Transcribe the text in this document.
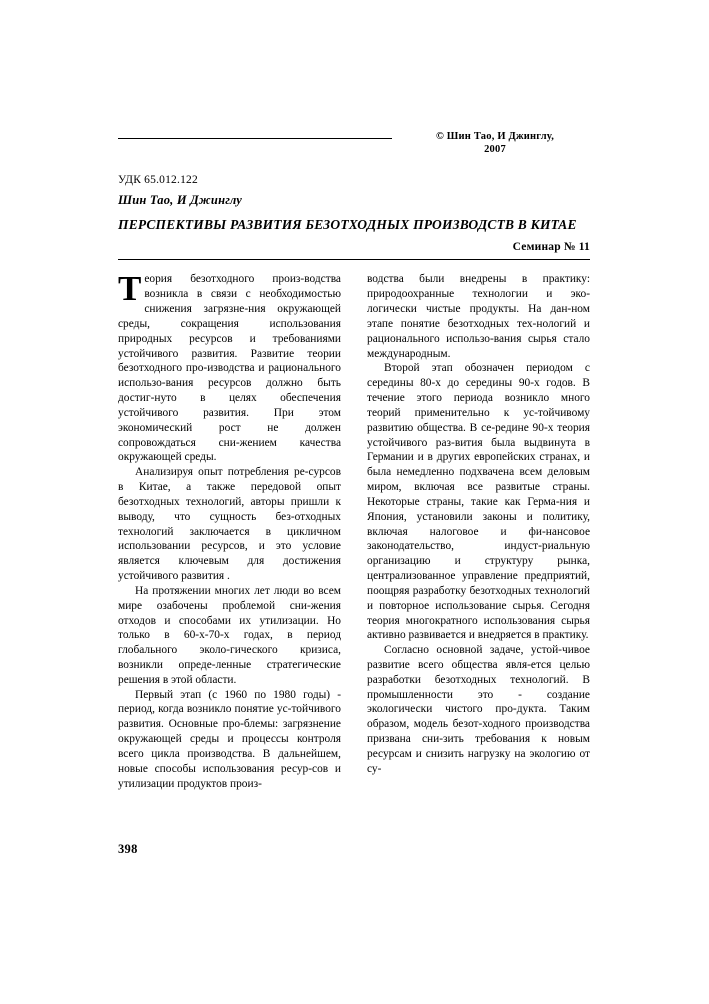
© Шин Тао, И Джинглу,
2007
УДК 65.012.122
Шин Тао, И Джинглу
ПЕРСПЕКТИВЫ РАЗВИТИЯ БЕЗОТХОДНЫХ ПРОИЗВОДСТВ В КИТАЕ
Семинар № 11

Теория безотходного произ-водства возникла в связи с необходимостью снижения загрязне-ния окружающей среды, сокращения использования природных ресурсов и требованиями устойчивого развития. Развитие теории безотходного про-изводства и рационального использо-вания ресурсов должно быть достиг-нуто в целях обеспечения устойчивого развития. При этом экономический рост не должен сопровождаться сни-жением качества окружающей среды.

Анализируя опыт потребления ре-сурсов в Китае, а также передовой опыт безотходных технологий, авторы пришли к выводу, что сущность без-отходных технологий заключается в цикличном использовании ресурсов, и это условие является ключевым для достижения устойчивого развития .

На протяжении многих лет люди во всем мире озабочены проблемой сни-жения отходов и способами их утилизации. Но только в 60-х-70-х годах, в период глобального эколо-гического кризиса, возникли опреде-ленные стратегические решения в этой области.

Первый этап (с 1960 по 1980 годы) - период, когда возникло понятие ус-тойчивого развития. Основные про-блемы: загрязнение окружающей среды и процессы контроля всего цикла производства. В дальнейшем, новые способы использования ресур-сов и утилизации продуктов произ-

водства были внедрены в практику: природоохранные технологии и эко-логически чистые продукты. На дан-ном этапе понятие безотходных тех-нологий и рационального использо-вания сырья стало международным.

Второй этап обозначен периодом с середины 80-х до середины 90-х годов. В течение этого периода возникло много теорий применительно к ус-тойчивому развитию общества. В се-редине 90-х теория устойчивого раз-вития была выдвинута в Германии и в других европейских странах, и была немедленно подхвачена всем деловым миром, включая все развитые страны. Некоторые страны, такие как Герма-ния и Япония, установили законы и политику, включая налоговое и фи-нансовое законодательство, индуст-риальную организацию и структуру рынка, централизованное управление предприятий, поощряя разработку безотходных технологий и повторное использование сырья. Сегодня теория многократного использования сырья активно развивается и внедряется в практику.

Согласно основной задаче, устой-чивое развитие всего общества явля-ется целью разработки безотходных технологий. В промышленности это - создание экологически чистого про-дукта. Таким образом, модель безот-ходного производства призвана сни-зить требования к новым ресурсам и снизить нагрузку на экологию от су-

398
